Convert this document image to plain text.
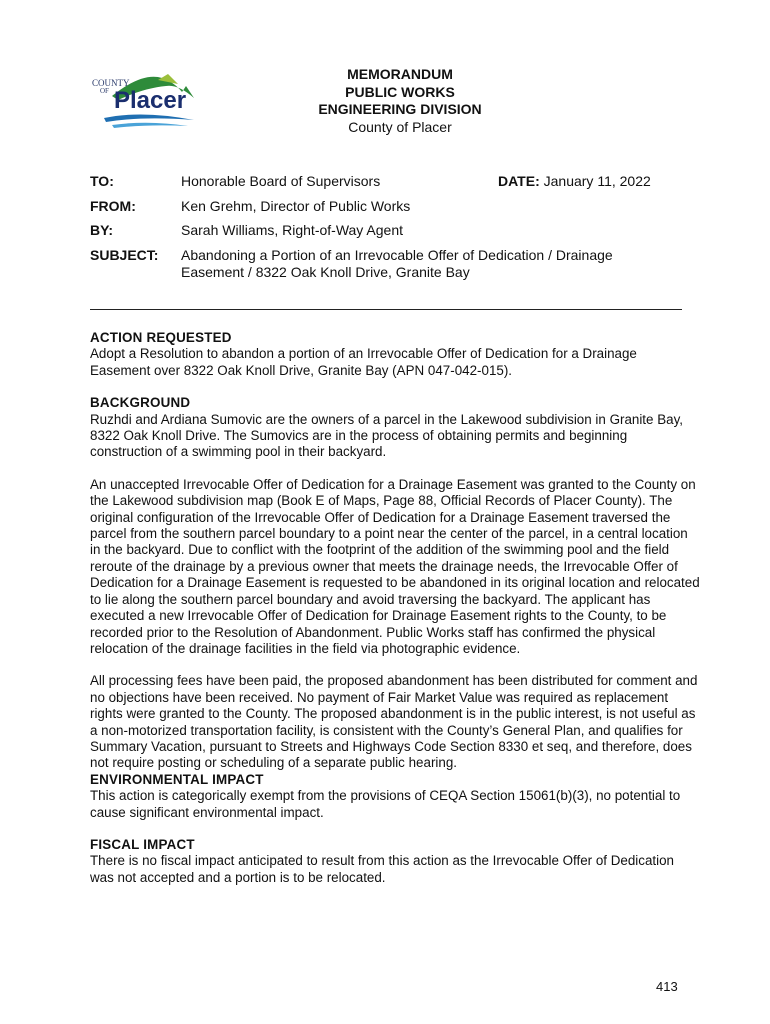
COUNTY
OF Placer
MEMORANDUM
PUBLIC WORKS
ENGINEERING DIVISION
County of Placer
TO:	Honorable Board of Supervisors	DATE: January 11, 2022
FROM:	Ken Grehm, Director of Public Works
BY:	Sarah Williams, Right-of-Way Agent
SUBJECT: Abandoning a Portion of an Irrevocable Offer of Dedication / Drainage
Easement / 8322 Oak Knoll Drive, Granite Bay
ACTION REQUESTED

Adopt a Resolution to abandon a portion of an Irrevocable Offer of Dedication for a Drainage Easement over 8322 Oak Knoll Drive, Granite Bay (APN 047-042-015).

BACKGROUND

Ruzhdi and Ardiana Sumovic are the owners of a parcel in the Lakewood subdivision in Granite Bay, 8322 Oak Knoll Drive. The Sumovics are in the process of obtaining permits and beginning construction of a swimming pool in their backyard.

An unaccepted Irrevocable Offer of Dedication for a Drainage Easement was granted to the County on the Lakewood subdivision map (Book E of Maps, Page 88, Official Records of Placer County). The original configuration of the Irrevocable Offer of Dedication for a Drainage Easement traversed the parcel from the southern parcel boundary to a point near the center of the parcel, in a central location in the backyard. Due to conflict with the footprint of the addition of the swimming pool and the field reroute of the drainage by a previous owner that meets the drainage needs, the Irrevocable Offer of Dedication for a Drainage Easement is requested to be abandoned in its original location and relocated to lie along the southern parcel boundary and avoid traversing the backyard. The applicant has executed a new Irrevocable Offer of Dedication for Drainage Easement rights to the County, to be recorded prior to the Resolution of Abandonment. Public Works staff has confirmed the physical relocation of the drainage facilities in the field via photographic evidence.

All processing fees have been paid, the proposed abandonment has been distributed for comment and no objections have been received. No payment of Fair Market Value was required as replacement rights were granted to the County. The proposed abandonment is in the public interest, is not useful as a non-motorized transportation facility, is consistent with the County’s General Plan, and qualifies for Summary Vacation, pursuant to Streets and Highways Code Section 8330 et seq, and therefore, does not require posting or scheduling of a separate public hearing.

ENVIRONMENTAL IMPACT

This action is categorically exempt from the provisions of CEQA Section 15061(b)(3), no potential to cause significant environmental impact.

FISCAL IMPACT

There is no fiscal impact anticipated to result from this action as the Irrevocable Offer of Dedication was not accepted and a portion is to be relocated.

413
